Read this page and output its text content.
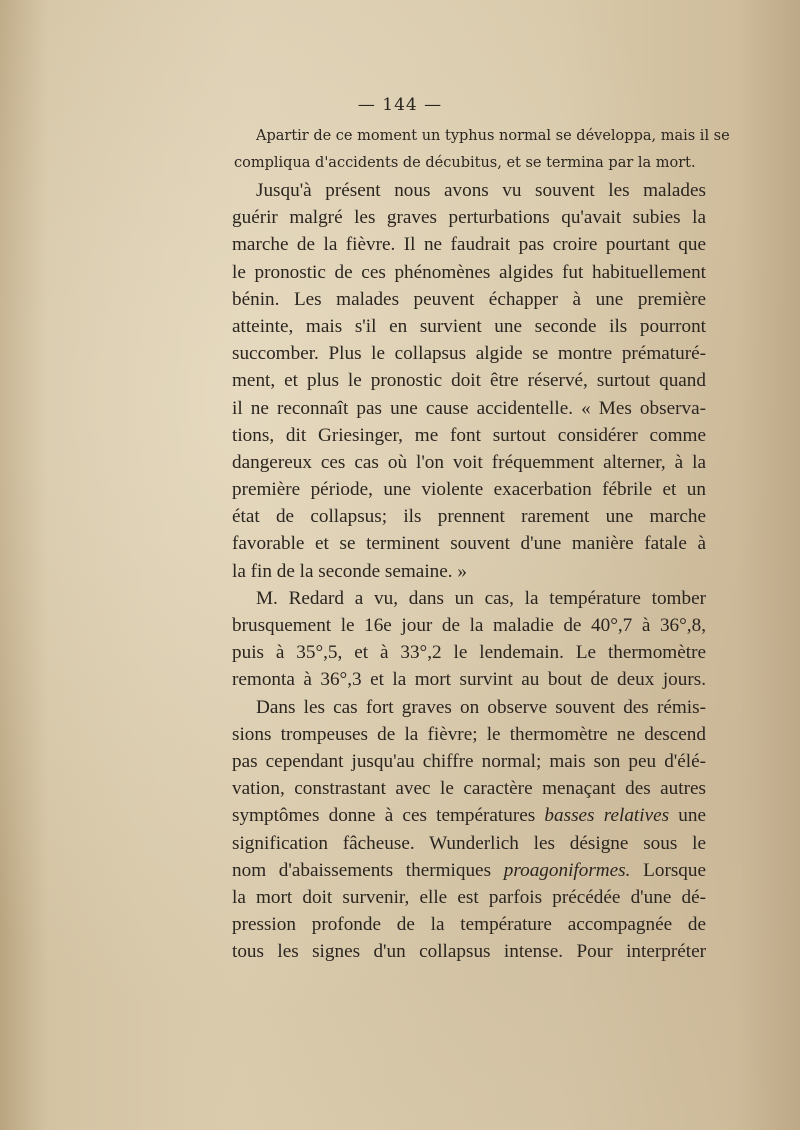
— 144 —
Apartir de ce moment un typhus normal se développa, mais il se
compliqua d'accidents de décubitus, et se termina par la mort.
Jusqu'à présent nous avons vu souvent les malades
guérir malgré les graves perturbations qu'avait subies la
marche de la fièvre. Il ne faudrait pas croire pourtant que
le pronostic de ces phénomènes algides fut habituellement
bénin. Les malades peuvent échapper à une première
atteinte, mais s'il en survient une seconde ils pourront
succomber. Plus le collapsus algide se montre prématuré-
ment, et plus le pronostic doit être réservé, surtout quand
il ne reconnaît pas une cause accidentelle. « Mes observa-
tions, dit Griesinger, me font surtout considérer comme
dangereux ces cas où l'on voit fréquemment alterner, à la
première période, une violente exacerbation fébrile et un
état de collapsus; ils prennent rarement une marche
favorable et se terminent souvent d'une manière fatale à
la fin de la seconde semaine. »
M. Redard a vu, dans un cas, la température tomber
brusquement le 16e jour de la maladie de 40°,7 à 36°,8,
puis à 35°,5, et à 33°,2 le lendemain. Le thermomètre
remonta à 36°,3 et la mort survint au bout de deux jours.
Dans les cas fort graves on observe souvent des rémis-
sions trompeuses de la fièvre; le thermomètre ne descend
pas cependant jusqu'au chiffre normal; mais son peu d'élé-
vation, constrastant avec le caractère menaçant des autres
symptômes donne à ces températures basses relatives une
signification fâcheuse. Wunderlich les désigne sous le
nom d'abaissements thermiques proagoniformes. Lorsque
la mort doit survenir, elle est parfois précédée d'une dé-
pression profonde de la température accompagnée de
tous les signes d'un collapsus intense. Pour interpréter
